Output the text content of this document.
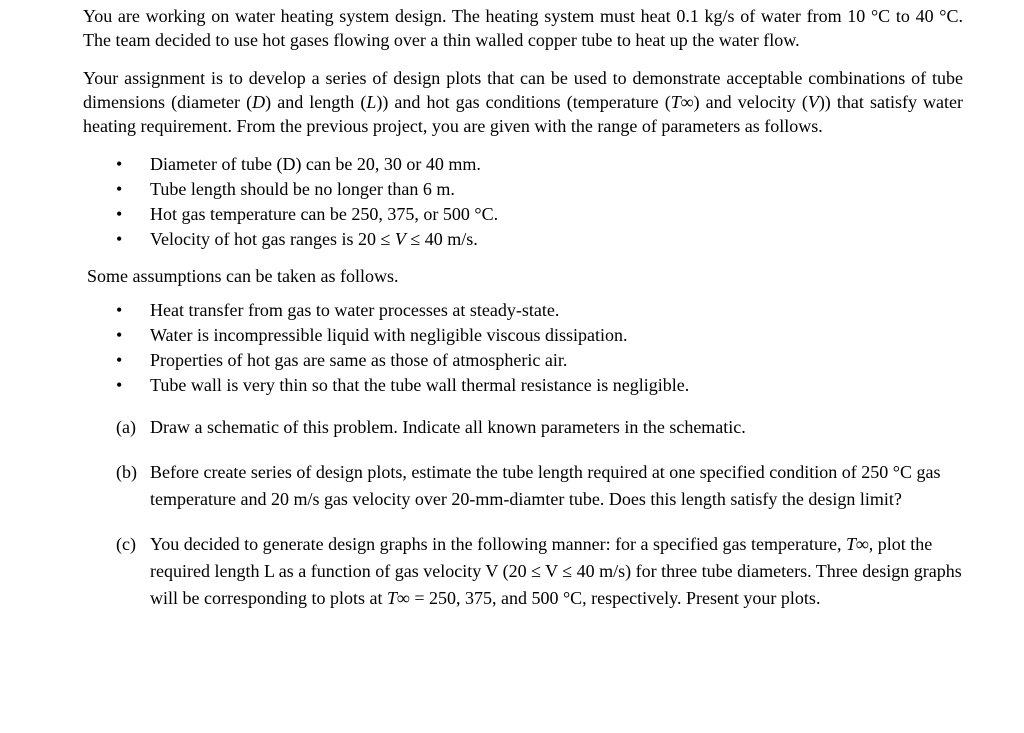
You are working on water heating system design. The heating system must heat 0.1 kg/s of water from 10 °C to 40 °C. The team decided to use hot gases flowing over a thin walled copper tube to heat up the water flow.

Your assignment is to develop a series of design plots that can be used to demonstrate acceptable combinations of tube dimensions (diameter (D) and length (L)) and hot gas conditions (temperature (T∞) and velocity (V)) that satisfy water heating requirement. From the previous project, you are given with the range of parameters as follows.

• Diameter of tube (D) can be 20, 30 or 40 mm.
• Tube length should be no longer than 6 m.
• Hot gas temperature can be 250, 375, or 500 °C.
• Velocity of hot gas ranges is 20 ≤ V ≤ 40 m/s.

Some assumptions can be taken as follows.

• Heat transfer from gas to water processes at steady-state.
• Water is incompressible liquid with negligible viscous dissipation.
• Properties of hot gas are same as those of atmospheric air.
• Tube wall is very thin so that the tube wall thermal resistance is negligible.
(a) Draw a schematic of this problem. Indicate all known parameters in the schematic.
(b) Before create series of design plots, estimate the tube length required at one specified condition of 250 °C gas temperature and 20 m/s gas velocity over 20-mm-diamter tube. Does this length satisfy the design limit?
(c) You decided to generate design graphs in the following manner: for a specified gas temperature, T∞, plot the required length L as a function of gas velocity V (20 ≤ V ≤ 40 m/s) for three tube diameters. Three design graphs will be corresponding to plots at T∞ = 250, 375, and 500 °C, respectively. Present your plots.
